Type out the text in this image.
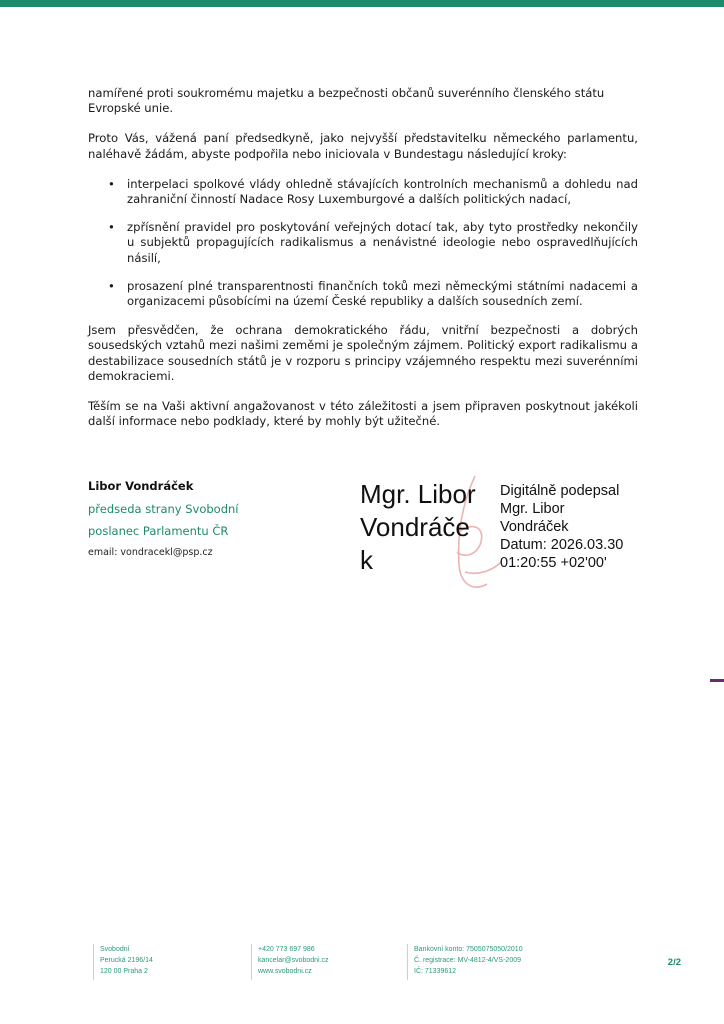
namířené proti soukromému majetku a bezpečnosti občanů suverénního členského státu Evropské unie.

Proto Vás, vážená paní předsedkyně, jako nejvyšší představitelku německého parlamentu, naléhavě žádám, abyste podpořila nebo iniciovala v Bundestagu následující kroky:

• interpelaci spolkové vlády ohledně stávajících kontrolních mechanismů a dohledu nad zahraniční činností Nadace Rosy Luxemburgové a dalších politických nadací,
• zpřísnění pravidel pro poskytování veřejných dotací tak, aby tyto prostředky nekončily u subjektů propagujících radikalismus a nenávistné ideologie nebo ospravedlňujících násilí,
• prosazení plné transparentnosti finančních toků mezi německými státními nadacemi a organizacemi působícími na území České republiky a dalších sousedních zemí.

Jsem přesvědčen, že ochrana demokratického řádu, vnitřní bezpečnosti a dobrých sousedských vztahů mezi našimi zeměmi je společným zájmem. Politický export radikalismu a destabilizace sousedních států je v rozporu s principy vzájemného respektu mezi suverénními demokraciemi.

Těším se na Vaši aktivní angažovanost v této záležitosti a jsem připraven poskytnout jakékoli další informace nebo podklady, které by mohly být užitečné.

Libor Vondráček
předseda strany Svobodní
poslanec Parlamentu ČR
email: vondracekl@psp.cz
Mgr. Libor
Vondráče
k
Digitálně podepsal
Mgr. Libor
Vondráček
Datum: 2026.03.30
01:20:55 +02'00'
Svobodní
Perucká 2196/14
120 00 Praha 2
+420 773 697 986
kancelar@svobodni.cz
www.svobodni.cz
Bankovní konto: 7505075050/2010
Č. registrace: MV-4812-4/VS-2009
IČ: 71339612
2/2
